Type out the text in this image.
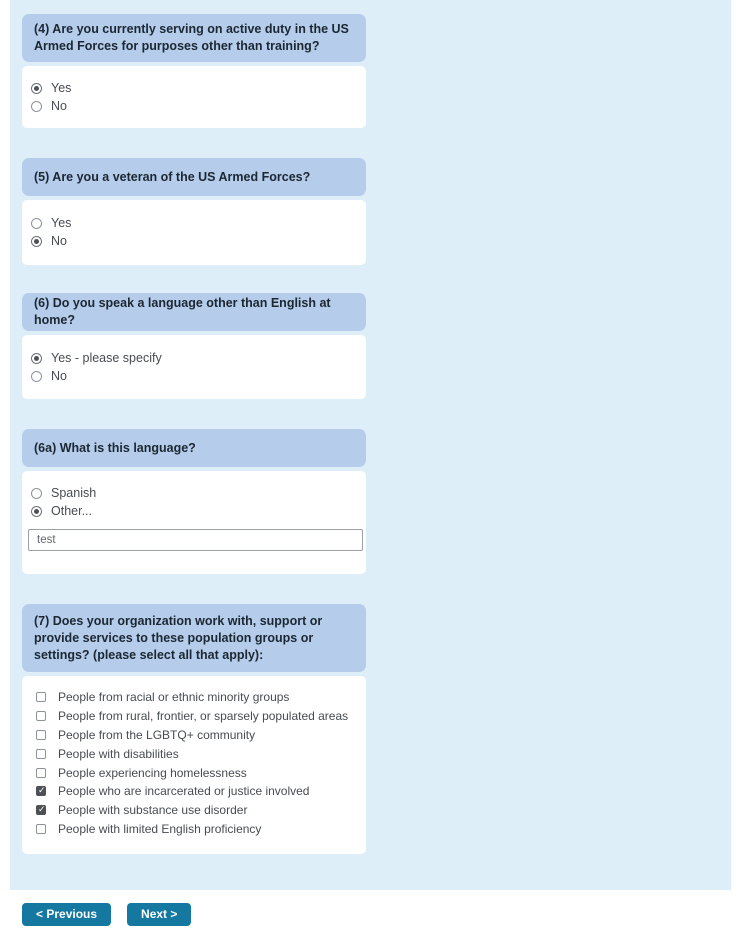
(4) Are you currently serving on active duty in the US Armed Forces for purposes other than training?
Yes
No
(5) Are you a veteran of the US Armed Forces?
Yes
No
(6) Do you speak a language other than English at home?
Yes - please specify
No
(6a) What is this language?
Spanish
Other...
test
(7) Does your organization work with, support or provide services to these population groups or settings? (please select all that apply):
People from racial or ethnic minority groups
People from rural, frontier, or sparsely populated areas
People from the LGBTQ+ community
People with disabilities
People experiencing homelessness
✓
People who are incarcerated or justice involved
✓
People with substance use disorder
People with limited English proficiency
< Previous	Next >
